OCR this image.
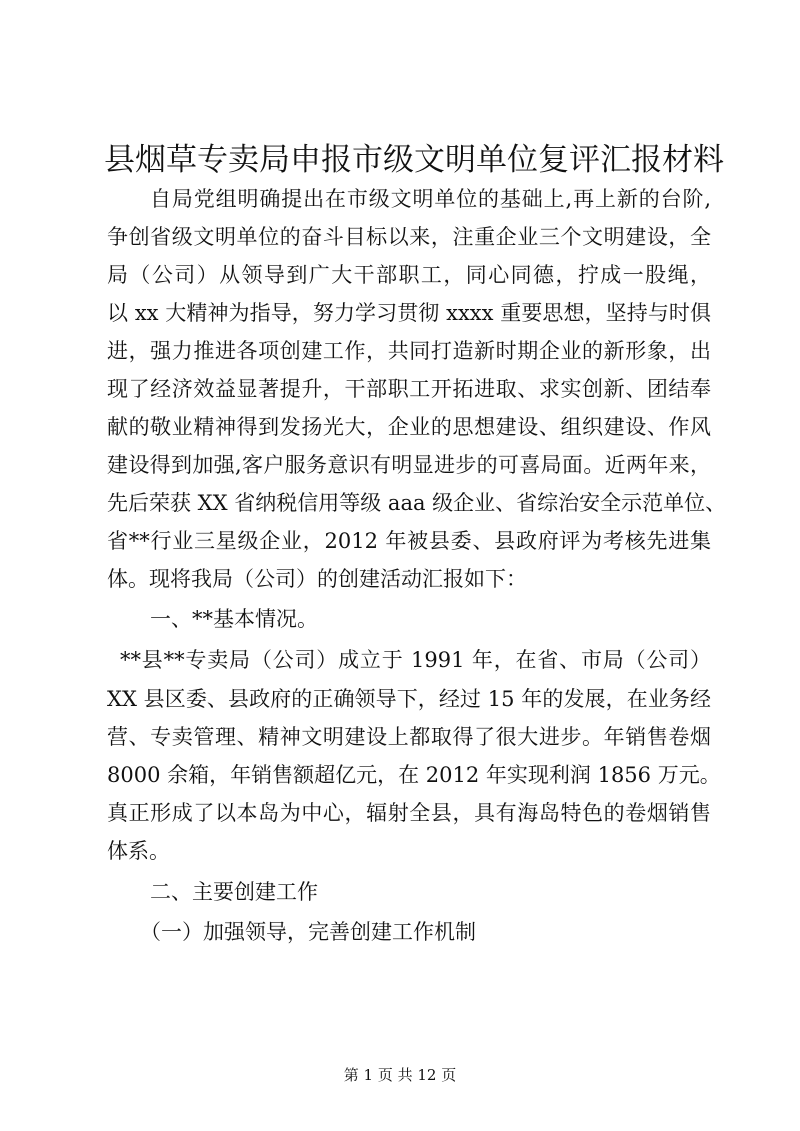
县烟草专卖局申报市级文明单位复评汇报材料
自局党组明确提出在市级文明单位的基础上,再上新的台阶,
争创省级文明单位的奋斗目标以来，注重企业三个文明建设，全
局（公司）从领导到广大干部职工，同心同德，拧成一股绳，
以 xx 大精神为指导，努力学习贯彻 xxxx 重要思想，坚持与时俱
进，强力推进各项创建工作，共同打造新时期企业的新形象，出
现了经济效益显著提升，干部职工开拓进取、求实创新、团结奉
献的敬业精神得到发扬光大，企业的思想建设、组织建设、作风
建设得到加强,客户服务意识有明显进步的可喜局面。近两年来，
先后荣获 XX 省纳税信用等级 aaa 级企业、省综治安全示范单位、
省**行业三星级企业，2012 年被县委、县政府评为考核先进集
体。现将我局（公司）的创建活动汇报如下：
一、**基本情况。
**县**专卖局（公司）成立于 1991 年，在省、市局（公司）
XX 县区委、县政府的正确领导下，经过 15 年的发展，在业务经
营、专卖管理、精神文明建设上都取得了很大进步。年销售卷烟
8000 余箱，年销售额超亿元，在 2012 年实现利润 1856 万元。
真正形成了以本岛为中心，辐射全县，具有海岛特色的卷烟销售
体系。
二、主要创建工作
（一）加强领导，完善创建工作机制
第 1 页 共 12 页
